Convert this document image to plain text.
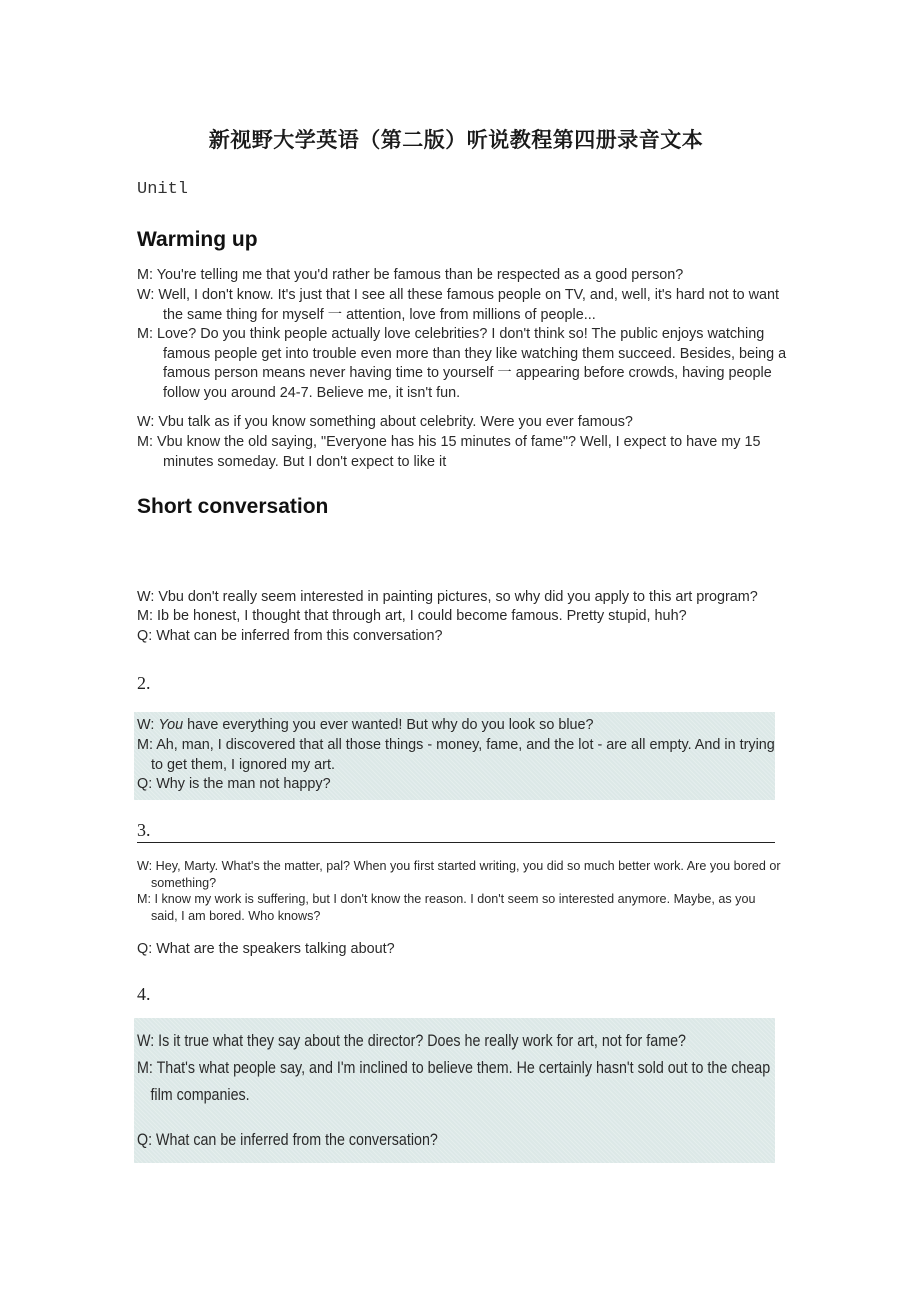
新视野大学英语（第二版）听说教程第四册录音文本
Unitl
Warming up
M: You're telling me that you'd rather be famous than be respected as a good person?
W: Well, I don't know. It's just that I see all these famous people on TV, and, well, it's hard not to want the same thing for myself 一 attention, love from millions of people...
M: Love? Do you think people actually love celebrities? I don't think so! The public enjoys watching famous people get into trouble even more than they like watching them succeed. Besides, being a famous person means never having time to yourself 一 appearing before crowds, having people follow you around 24-7. Believe me, it isn't fun.
W: Vbu talk as if you know something about celebrity. Were you ever famous?
M: Vbu know the old saying, "Everyone has his 15 minutes of fame"? Well, I expect to have my 15 minutes someday. But I don't expect to like it
Short conversation
W: Vbu don't really seem interested in painting pictures, so why did you apply to this art program?
M: Ib be honest, I thought that through art, I could become famous. Pretty stupid, huh?
Q: What can be inferred from this conversation?
2.
W: You have everything you ever wanted! But why do you look so blue?
M: Ah, man, I discovered that all those things - money, fame, and the lot - are all empty. And in trying to get them, I ignored my art.
Q: Why is the man not happy?
3.
W: Hey, Marty. What's the matter, pal? When you first started writing, you did so much better work. Are you bored or something?
M: I know my work is suffering, but I don't know the reason. I don't seem so interested anymore. Maybe, as you said, I am bored. Who knows?
Q: What are the speakers talking about?
4.
W: Is it true what they say about the director? Does he really work for art, not for fame?
M: That's what people say, and I'm inclined to believe them. He certainly hasn't sold out to the cheap film companies.
Q: What can be inferred from the conversation?
